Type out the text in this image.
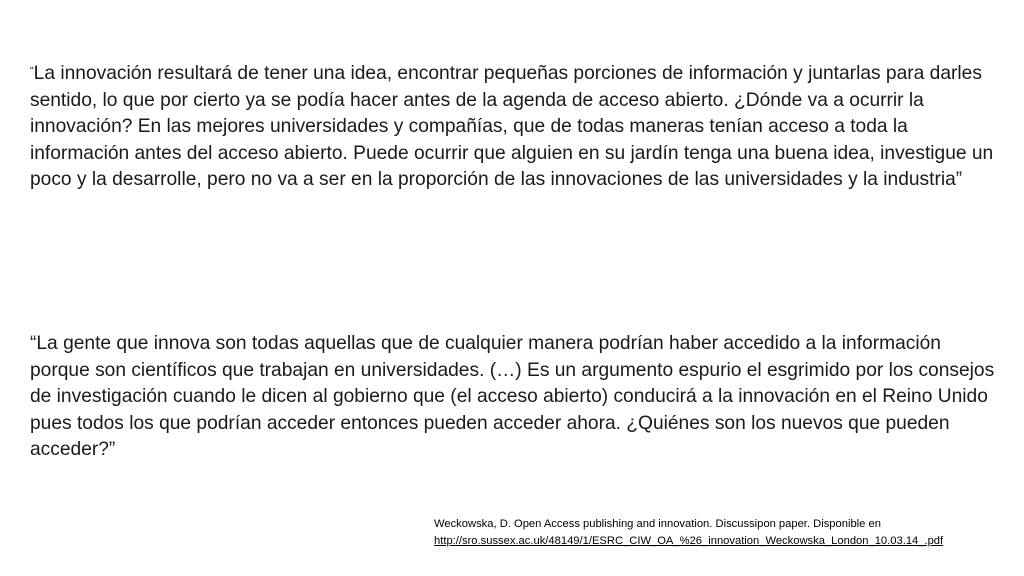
“La innovación resultará de tener una idea, encontrar pequeñas porciones de información y juntarlas para darles sentido, lo que por cierto ya se podía hacer antes de la agenda de acceso abierto. ¿Dónde va a ocurrir la innovación? En las mejores universidades y compañías, que de todas maneras tenían acceso a toda la información antes del acceso abierto. Puede ocurrir que alguien en su jardín tenga una buena idea, investigue un poco y la desarrolle, pero no va a ser en la proporción de las innovaciones de las universidades y la industria”

“La gente que innova son todas aquellas que de cualquier manera podrían haber accedido a la información porque son científicos que trabajan en universidades. (…) Es un argumento espurio el esgrimido por los consejos de investigación cuando le dicen al gobierno que (el acceso abierto) conducirá a la innovación en el Reino Unido pues todos los que podrían acceder entonces pueden acceder ahora. ¿Quiénes son los nuevos que pueden acceder?”

Weckowska, D. Open Access publishing and innovation. Discussipon paper. Disponible en
http://sro.sussex.ac.uk/48149/1/ESRC_CIW_OA_%26_innovation_Weckowska_London_10.03.14_.pdf
